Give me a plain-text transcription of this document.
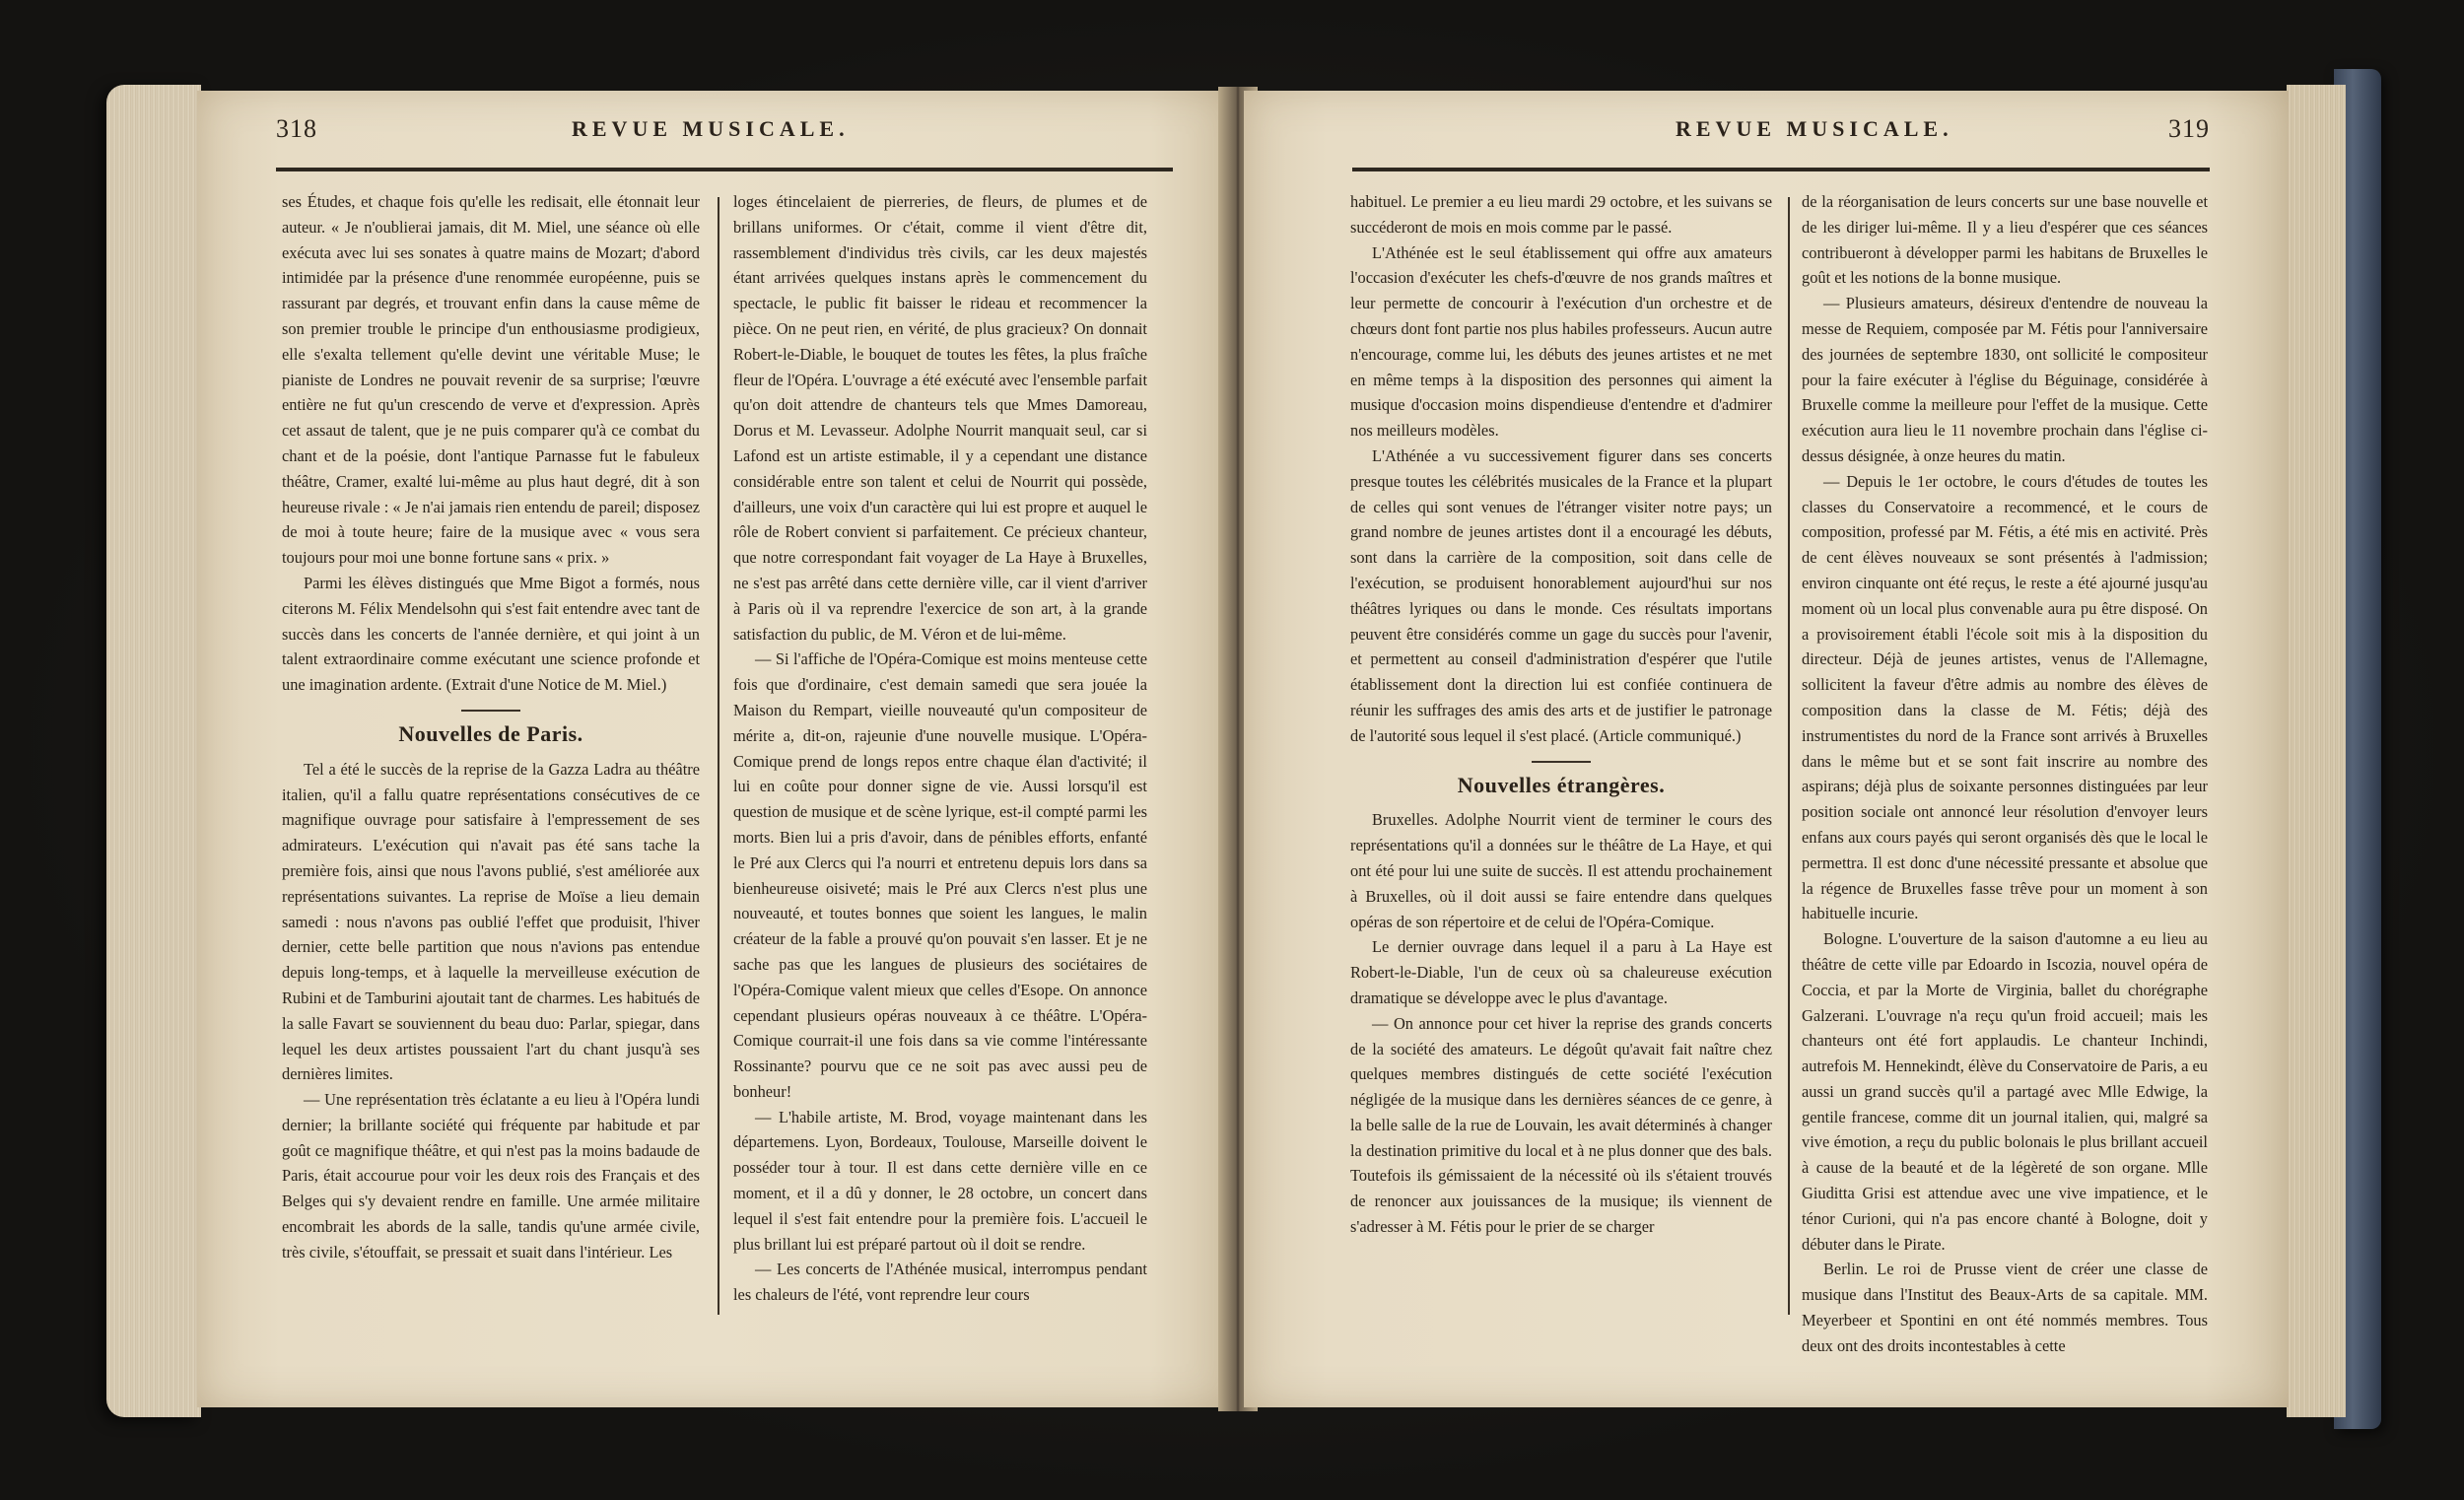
318	REVUE MUSICALE.

ses Études, et chaque fois qu'elle les redisait, elle étonnait leur auteur. « Je n'oublierai jamais, dit M. Miel, une séance où elle exécuta avec lui ses sonates à quatre mains de Mozart; d'abord intimidée par la présence d'une renommée européenne, puis se rassurant par degrés, et trouvant enfin dans la cause même de son premier trouble le principe d'un enthousiasme prodigieux, elle s'exalta tellement qu'elle devint une véritable Muse; le pianiste de Londres ne pouvait revenir de sa surprise; l'œuvre entière ne fut qu'un crescendo de verve et d'expression. Après cet assaut de talent, que je ne puis comparer qu'à ce combat du chant et de la poésie, dont l'antique Parnasse fut le fabuleux théâtre, Cramer, exalté lui-même au plus haut degré, dit à son heureuse rivale : « Je n'ai jamais rien entendu de pareil; disposez de moi à toute heure; faire de la musique avec « vous sera toujours pour moi une bonne fortune sans « prix. »

Parmi les élèves distingués que Mme Bigot a formés, nous citerons M. Félix Mendelsohn qui s'est fait entendre avec tant de succès dans les concerts de l'année dernière, et qui joint à un talent extraordinaire comme exécutant une science profonde et une imagination ardente. (Extrait d'une Notice de M. Miel.)

Nouvelles de Paris.

Tel a été le succès de la reprise de la Gazza Ladra au théâtre italien, qu'il a fallu quatre représentations consécutives de ce magnifique ouvrage pour satisfaire à l'empressement de ses admirateurs. L'exécution qui n'avait pas été sans tache la première fois, ainsi que nous l'avons publié, s'est améliorée aux représentations suivantes. La reprise de Moïse a lieu demain samedi : nous n'avons pas oublié l'effet que produisit, l'hiver dernier, cette belle partition que nous n'avions pas entendue depuis long-temps, et à laquelle la merveilleuse exécution de Rubini et de Tamburini ajoutait tant de charmes. Les habitués de la salle Favart se souviennent du beau duo: Parlar, spiegar, dans lequel les deux artistes poussaient l'art du chant jusqu'à ses dernières limites.

— Une représentation très éclatante a eu lieu à l'Opéra lundi dernier; la brillante société qui fréquente par habitude et par goût ce magnifique théâtre, et qui n'est pas la moins badaude de Paris, était accourue pour voir les deux rois des Français et des Belges qui s'y devaient rendre en famille. Une armée militaire encombrait les abords de la salle, tandis qu'une armée civile, très civile, s'étouffait, se pressait et suait dans l'intérieur. Les

loges étincelaient de pierreries, de fleurs, de plumes et de brillans uniformes. Or c'était, comme il vient d'être dit, rassemblement d'individus très civils, car les deux majestés étant arrivées quelques instans après le commencement du spectacle, le public fit baisser le rideau et recommencer la pièce. On ne peut rien, en vérité, de plus gracieux? On donnait Robert-le-Diable, le bouquet de toutes les fêtes, la plus fraîche fleur de l'Opéra. L'ouvrage a été exécuté avec l'ensemble parfait qu'on doit attendre de chanteurs tels que Mmes Damoreau, Dorus et M. Levasseur. Adolphe Nourrit manquait seul, car si Lafond est un artiste estimable, il y a cependant une distance considérable entre son talent et celui de Nourrit qui possède, d'ailleurs, une voix d'un caractère qui lui est propre et auquel le rôle de Robert convient si parfaitement. Ce précieux chanteur, que notre correspondant fait voyager de La Haye à Bruxelles, ne s'est pas arrêté dans cette dernière ville, car il vient d'arriver à Paris où il va reprendre l'exercice de son art, à la grande satisfaction du public, de M. Véron et de lui-même.

— Si l'affiche de l'Opéra-Comique est moins menteuse cette fois que d'ordinaire, c'est demain samedi que sera jouée la Maison du Rempart, vieille nouveauté qu'un compositeur de mérite a, dit-on, rajeunie d'une nouvelle musique. L'Opéra-Comique prend de longs repos entre chaque élan d'activité; il lui en coûte pour donner signe de vie. Aussi lorsqu'il est question de musique et de scène lyrique, est-il compté parmi les morts. Bien lui a pris d'avoir, dans de pénibles efforts, enfanté le Pré aux Clercs qui l'a nourri et entretenu depuis lors dans sa bienheureuse oisiveté; mais le Pré aux Clercs n'est plus une nouveauté, et toutes bonnes que soient les langues, le malin créateur de la fable a prouvé qu'on pouvait s'en lasser. Et je ne sache pas que les langues de plusieurs des sociétaires de l'Opéra-Comique valent mieux que celles d'Esope. On annonce cependant plusieurs opéras nouveaux à ce théâtre. L'Opéra-Comique courrait-il une fois dans sa vie comme l'intéressante Rossinante? pourvu que ce ne soit pas avec aussi peu de bonheur!

— L'habile artiste, M. Brod, voyage maintenant dans les départemens. Lyon, Bordeaux, Toulouse, Marseille doivent le posséder tour à tour. Il est dans cette dernière ville en ce moment, et il a dû y donner, le 28 octobre, un concert dans lequel il s'est fait entendre pour la première fois. L'accueil le plus brillant lui est préparé partout où il doit se rendre.

— Les concerts de l'Athénée musical, interrompus pendant les chaleurs de l'été, vont reprendre leur cours

REVUE MUSICALE.	319

habituel. Le premier a eu lieu mardi 29 octobre, et les suivans se succéderont de mois en mois comme par le passé.

L'Athénée est le seul établissement qui offre aux amateurs l'occasion d'exécuter les chefs-d'œuvre de nos grands maîtres et leur permette de concourir à l'exécution d'un orchestre et de chœurs dont font partie nos plus habiles professeurs. Aucun autre n'encourage, comme lui, les débuts des jeunes artistes et ne met en même temps à la disposition des personnes qui aiment la musique d'occasion moins dispendieuse d'entendre et d'admirer nos meilleurs modèles.

L'Athénée a vu successivement figurer dans ses concerts presque toutes les célébrités musicales de la France et la plupart de celles qui sont venues de l'étranger visiter notre pays; un grand nombre de jeunes artistes dont il a encouragé les débuts, sont dans la carrière de la composition, soit dans celle de l'exécution, se produisent honorablement aujourd'hui sur nos théâtres lyriques ou dans le monde. Ces résultats importans peuvent être considérés comme un gage du succès pour l'avenir, et permettent au conseil d'administration d'espérer que l'utile établissement dont la direction lui est confiée continuera de réunir les suffrages des amis des arts et de justifier le patronage de l'autorité sous lequel il s'est placé. (Article communiqué.)

Nouvelles étrangères.

Bruxelles. Adolphe Nourrit vient de terminer le cours des représentations qu'il a données sur le théâtre de La Haye, et qui ont été pour lui une suite de succès. Il est attendu prochainement à Bruxelles, où il doit aussi se faire entendre dans quelques opéras de son répertoire et de celui de l'Opéra-Comique.

Le dernier ouvrage dans lequel il a paru à La Haye est Robert-le-Diable, l'un de ceux où sa chaleureuse exécution dramatique se développe avec le plus d'avantage.

— On annonce pour cet hiver la reprise des grands concerts de la société des amateurs. Le dégoût qu'avait fait naître chez quelques membres distingués de cette société l'exécution négligée de la musique dans les dernières séances de ce genre, à la belle salle de la rue de Louvain, les avait déterminés à changer la destination primitive du local et à ne plus donner que des bals. Toutefois ils gémissaient de la nécessité où ils s'étaient trouvés de renoncer aux jouissances de la musique; ils viennent de s'adresser à M. Fétis pour le prier de se charger

de la réorganisation de leurs concerts sur une base nouvelle et de les diriger lui-même. Il y a lieu d'espérer que ces séances contribueront à développer parmi les habitans de Bruxelles le goût et les notions de la bonne musique.

— Plusieurs amateurs, désireux d'entendre de nouveau la messe de Requiem, composée par M. Fétis pour l'anniversaire des journées de septembre 1830, ont sollicité le compositeur pour la faire exécuter à l'église du Béguinage, considérée à Bruxelle comme la meilleure pour l'effet de la musique. Cette exécution aura lieu le 11 novembre prochain dans l'église ci-dessus désignée, à onze heures du matin.

— Depuis le 1er octobre, le cours d'études de toutes les classes du Conservatoire a recommencé, et le cours de composition, professé par M. Fétis, a été mis en activité. Près de cent élèves nouveaux se sont présentés à l'admission; environ cinquante ont été reçus, le reste a été ajourné jusqu'au moment où un local plus convenable aura pu être disposé. On a provisoirement établi l'école soit mis à la disposition du directeur. Déjà de jeunes artistes, venus de l'Allemagne, sollicitent la faveur d'être admis au nombre des élèves de composition dans la classe de M. Fétis; déjà des instrumentistes du nord de la France sont arrivés à Bruxelles dans le même but et se sont fait inscrire au nombre des aspirans; déjà plus de soixante personnes distinguées par leur position sociale ont annoncé leur résolution d'envoyer leurs enfans aux cours payés qui seront organisés dès que le local le permettra. Il est donc d'une nécessité pressante et absolue que la régence de Bruxelles fasse trêve pour un moment à son habituelle incurie.

Bologne. L'ouverture de la saison d'automne a eu lieu au théâtre de cette ville par Edoardo in Iscozia, nouvel opéra de Coccia, et par la Morte de Virginia, ballet du chorégraphe Galzerani. L'ouvrage n'a reçu qu'un froid accueil; mais les chanteurs ont été fort applaudis. Le chanteur Inchindi, autrefois M. Hennekindt, élève du Conservatoire de Paris, a eu aussi un grand succès qu'il a partagé avec Mlle Edwige, la gentile francese, comme dit un journal italien, qui, malgré sa vive émotion, a reçu du public bolonais le plus brillant accueil à cause de la beauté et de la légèreté de son organe. Mlle Giuditta Grisi est attendue avec une vive impatience, et le ténor Curioni, qui n'a pas encore chanté à Bologne, doit y débuter dans le Pirate.

Berlin. Le roi de Prusse vient de créer une classe de musique dans l'Institut des Beaux-Arts de sa capitale. MM. Meyerbeer et Spontini en ont été nommés membres. Tous deux ont des droits incontestables à cette
